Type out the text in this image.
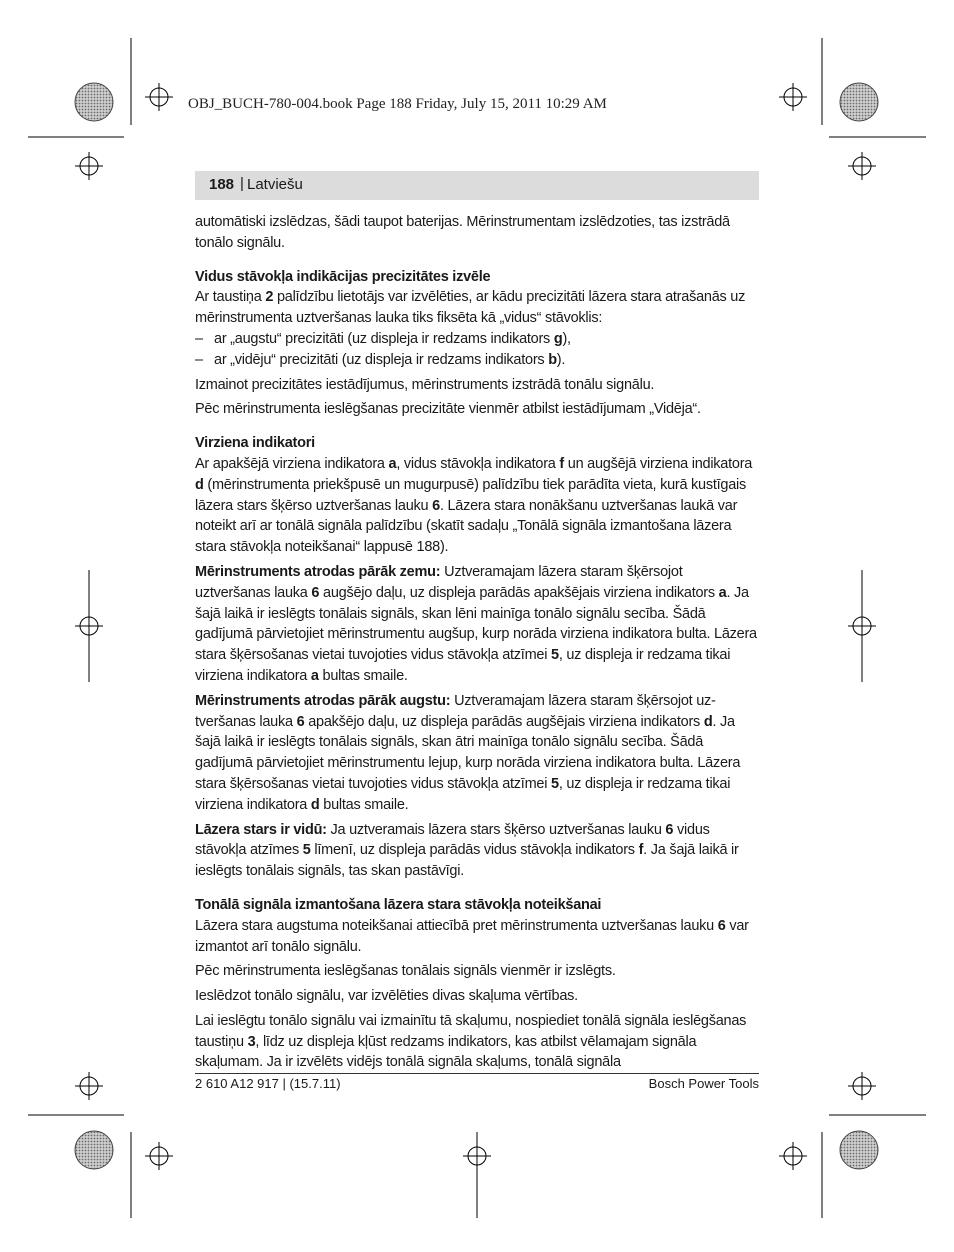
OBJ_BUCH-780-004.book Page 188 Friday, July 15, 2011 10:29 AM
188 | Latviešu

automātiski izslēdzas, šādi taupot baterijas. Mērinstrumentam izslēdzoties, tas izstrādā tonālo signālu.

Vidus stāvokļa indikācijas precizitātes izvēle

Ar taustiņa 2 palīdzību lietotājs var izvēlēties, ar kādu precizitāti lāzera stara atrašanās uz mērinstrumenta uztveršanas lauka tiks fiksēta kā „vidus“ stāvoklis:

– ar „augstu“ precizitāti (uz displeja ir redzams indikators g),
– ar „vidēju“ precizitāti (uz displeja ir redzams indikators b).

Izmainot precizitātes iestādījumus, mērinstruments izstrādā tonālu signālu.

Pēc mērinstrumenta ieslēgšanas precizitāte vienmēr atbilst iestādījumam „Vidēja“.

Virziena indikatori

Ar apakšējā virziena indikatora a, vidus stāvokļa indikatora f un augšējā virziena indikatora d (mērinstrumenta priekšpusē un mugurpusē) palīdzību tiek parādīta vieta, kurā kustīgais lāzera stars šķērso uztveršanas lauku 6. Lāzera stara nonākšanu uztveršanas laukā var noteikt arī ar tonālā signāla palīdzību (skatīt sadaļu „Tonālā signāla izmantošana lāzera stara stāvokļa noteikšanai“ lappusē 188).

Mērinstruments atrodas pārāk zemu: Uztveramajam lāzera staram šķērsojot uztveršanas lauka 6 augšējo daļu, uz displeja parādās apakšējais virziena indikators a. Ja šajā laikā ir ieslēgts tonālais signāls, skan lēni mainīga tonālo signālu secība. Šādā gadījumā pārvietojiet mērinstrumentu augšup, kurp norāda virziena indikatora bulta. Lāzera stara šķērsošanas vietai tuvojoties vidus stāvokļa atzīmei 5, uz displeja ir redzama tikai virziena indikatora a bultas smaile.

Mērinstruments atrodas pārāk augstu: Uztveramajam lāzera staram šķērsojot uztveršanas lauka 6 apakšējo daļu, uz displeja parādās augšējais virziena indikators d. Ja šajā laikā ir ieslēgts tonālais signāls, skan ātri mainīga tonālo signālu secība. Šādā gadījumā pārvietojiet mērinstrumentu lejup, kurp norāda virziena indikatora bulta. Lāzera stara šķērsošanas vietai tuvojoties vidus stāvokļa atzīmei 5, uz displeja ir redzama tikai virziena indikatora d bultas smaile.

Lāzera stars ir vidū: Ja uztveramais lāzera stars šķērso uztveršanas lauku 6 vidus stāvokļa atzīmes 5 līmenī, uz displeja parādās vidus stāvokļa indikators f. Ja šajā laikā ir ieslēgts tonālais signāls, tas skan pastāvīgi.

Tonālā signāla izmantošana lāzera stara stāvokļa noteikšanai

Lāzera stara augstuma noteikšanai attiecībā pret mērinstrumenta uztveršanas lauku 6 var izmantot arī tonālo signālu.

Pēc mērinstrumenta ieslēgšanas tonālais signāls vienmēr ir izslēgts.

Ieslēdzot tonālo signālu, var izvēlēties divas skaļuma vērtības.

Lai ieslēgtu tonālo signālu vai izmainītu tā skaļumu, nospiediet tonālā signāla ieslēgšanas taustiņu 3, līdz uz displeja kļūst redzams indikators, kas atbilst vēlamajam signāla skaļumam. Ja ir izvēlēts vidējs tonālā signāla skaļums, tonālā signāla

2 610 A12 917 | (15.7.11)	Bosch Power Tools
